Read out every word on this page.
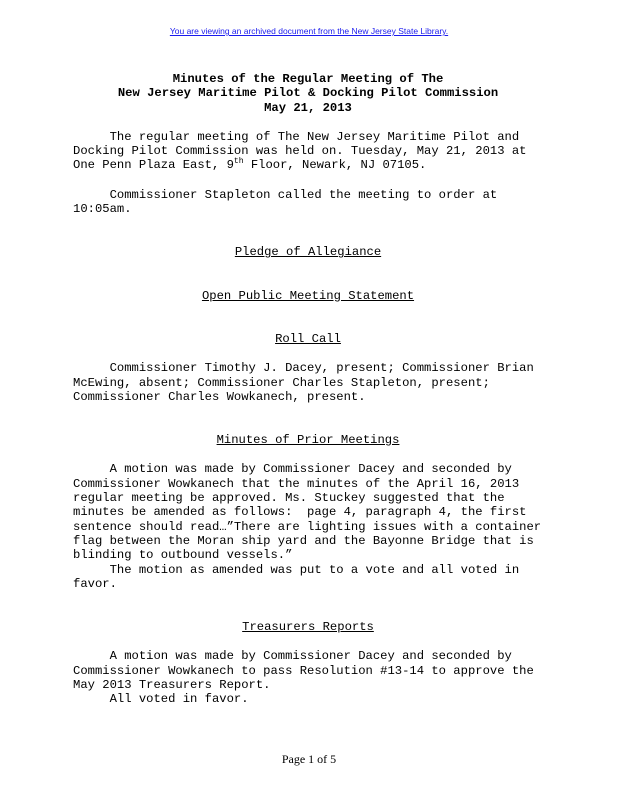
You are viewing an archived document from the New Jersey State Library.
Minutes of the Regular Meeting of The
New Jersey Maritime Pilot & Docking Pilot Commission
May 21, 2013
The regular meeting of The New Jersey Maritime Pilot and
Docking Pilot Commission was held on. Tuesday, May 21, 2013 at
One Penn Plaza East, 9th Floor, Newark, NJ 07105.
Commissioner Stapleton called the meeting to order at
10:05am.
Pledge of Allegiance
Open Public Meeting Statement
Roll Call
Commissioner Timothy J. Dacey, present; Commissioner Brian
McEwing, absent; Commissioner Charles Stapleton, present;
Commissioner Charles Wowkanech, present.
Minutes of Prior Meetings
A motion was made by Commissioner Dacey and seconded by
Commissioner Wowkanech that the minutes of the April 16, 2013
regular meeting be approved. Ms. Stuckey suggested that the
minutes be amended as follows:  page 4, paragraph 4, the first
sentence should read…”There are lighting issues with a container
flag between the Moran ship yard and the Bayonne Bridge that is
blinding to outbound vessels.”
The motion as amended was put to a vote and all voted in
favor.
Treasurers Reports
A motion was made by Commissioner Dacey and seconded by
Commissioner Wowkanech to pass Resolution #13-14 to approve the
May 2013 Treasurers Report.
All voted in favor.
Page 1 of 5
